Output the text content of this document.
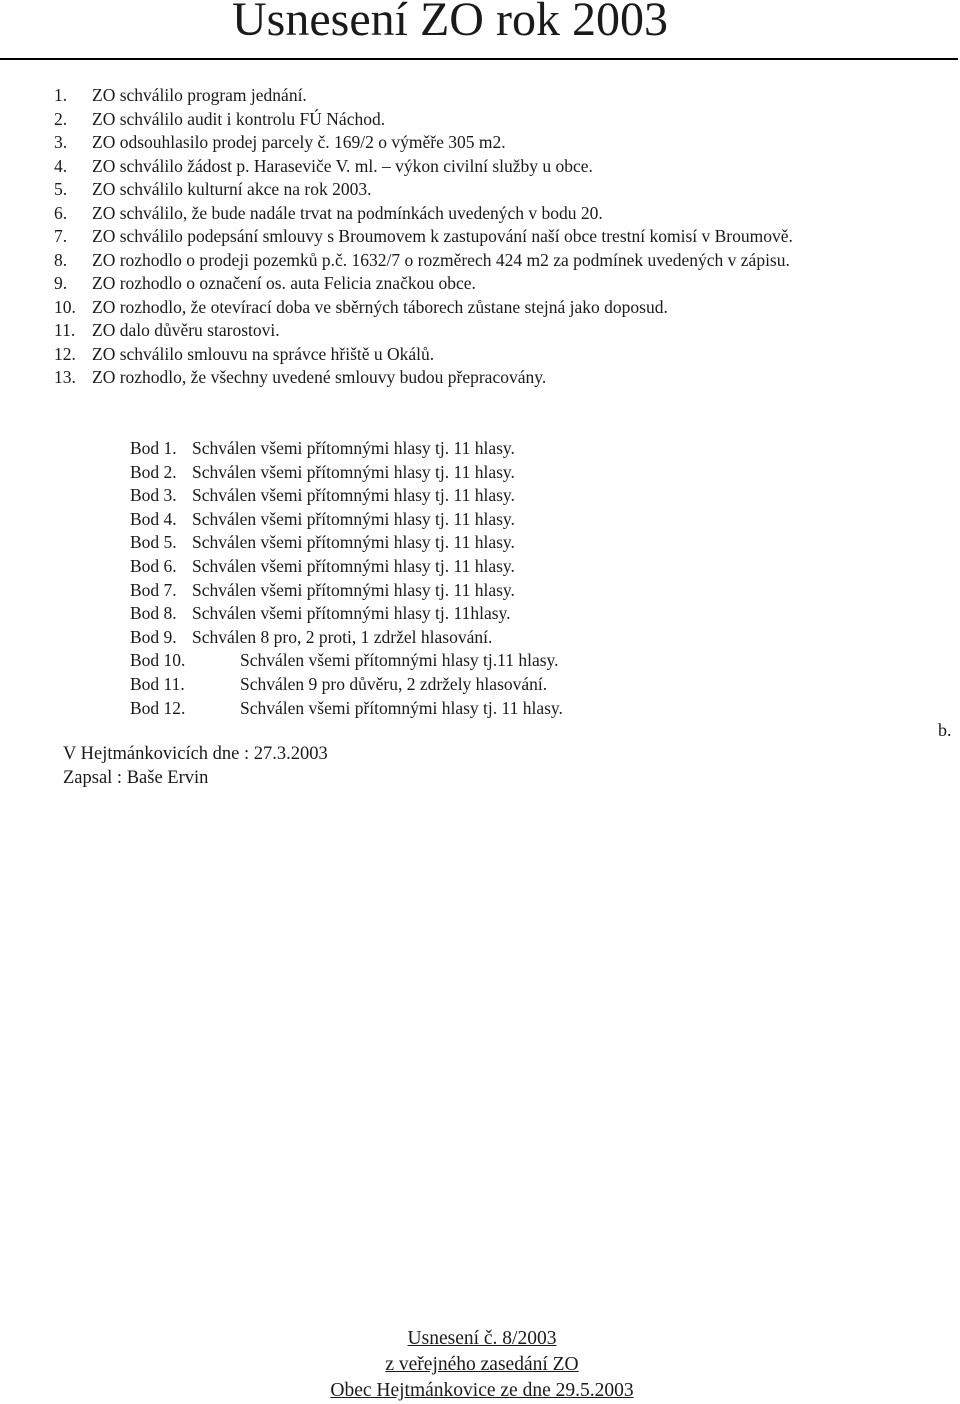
Usnesení ZO rok 2003
1. ZO schválilo program jednání.
2. ZO schválilo audit i kontrolu FÚ Náchod.
3. ZO odsouhlasilo prodej parcely č. 169/2 o výměře 305 m2.
4. ZO schválilo žádost p. Haraseviče V. ml. – výkon civilní služby u obce.
5. ZO schválilo kulturní akce na rok 2003.
6. ZO schválilo, že bude nadále trvat na podmínkách uvedených v bodu 20.
7. ZO schválilo podepsání smlouvy s Broumovem k zastupování naší obce trestní komisí v Broumově.
8. ZO rozhodlo o prodeji pozemků p.č. 1632/7 o rozměrech 424 m2 za podmínek uvedených v zápisu.
9. ZO rozhodlo o označení os. auta Felicia značkou obce.
10. ZO rozhodlo, že otevírací doba ve sběrných táborech zůstane stejná jako doposud.
11. ZO dalo důvěru starostovi.
12. ZO schválilo smlouvu na správce hřiště u Okálů.
13. ZO rozhodlo, že všechny uvedené smlouvy budou přepracovány.
Bod 1. Schválen všemi přítomnými hlasy tj. 11 hlasy.
Bod 2. Schválen všemi přítomnými hlasy tj. 11 hlasy.
Bod 3. Schválen všemi přítomnými hlasy tj. 11 hlasy.
Bod 4. Schválen všemi přítomnými hlasy tj. 11 hlasy.
Bod 5. Schválen všemi přítomnými hlasy tj. 11 hlasy.
Bod 6. Schválen všemi přítomnými hlasy tj. 11 hlasy.
Bod 7. Schválen všemi přítomnými hlasy tj. 11 hlasy.
Bod 8. Schválen všemi přítomnými hlasy tj. 11hlasy.
Bod 9. Schválen 8 pro, 2 proti, 1 zdržel hlasování.
Bod 10.	Schválen všemi přítomnými hlasy tj.11 hlasy.
Bod 11.	Schválen 9 pro důvěru, 2 zdržely hlasování.
Bod 12.	Schválen všemi přítomnými hlasy tj. 11 hlasy.
b.
V Hejtmánkovicích dne : 27.3.2003
Zapsal : Baše Ervin
Usnesení č. 8/2003
z veřejného zasedání ZO
Obec Hejtmánkovice ze dne 29.5.2003
